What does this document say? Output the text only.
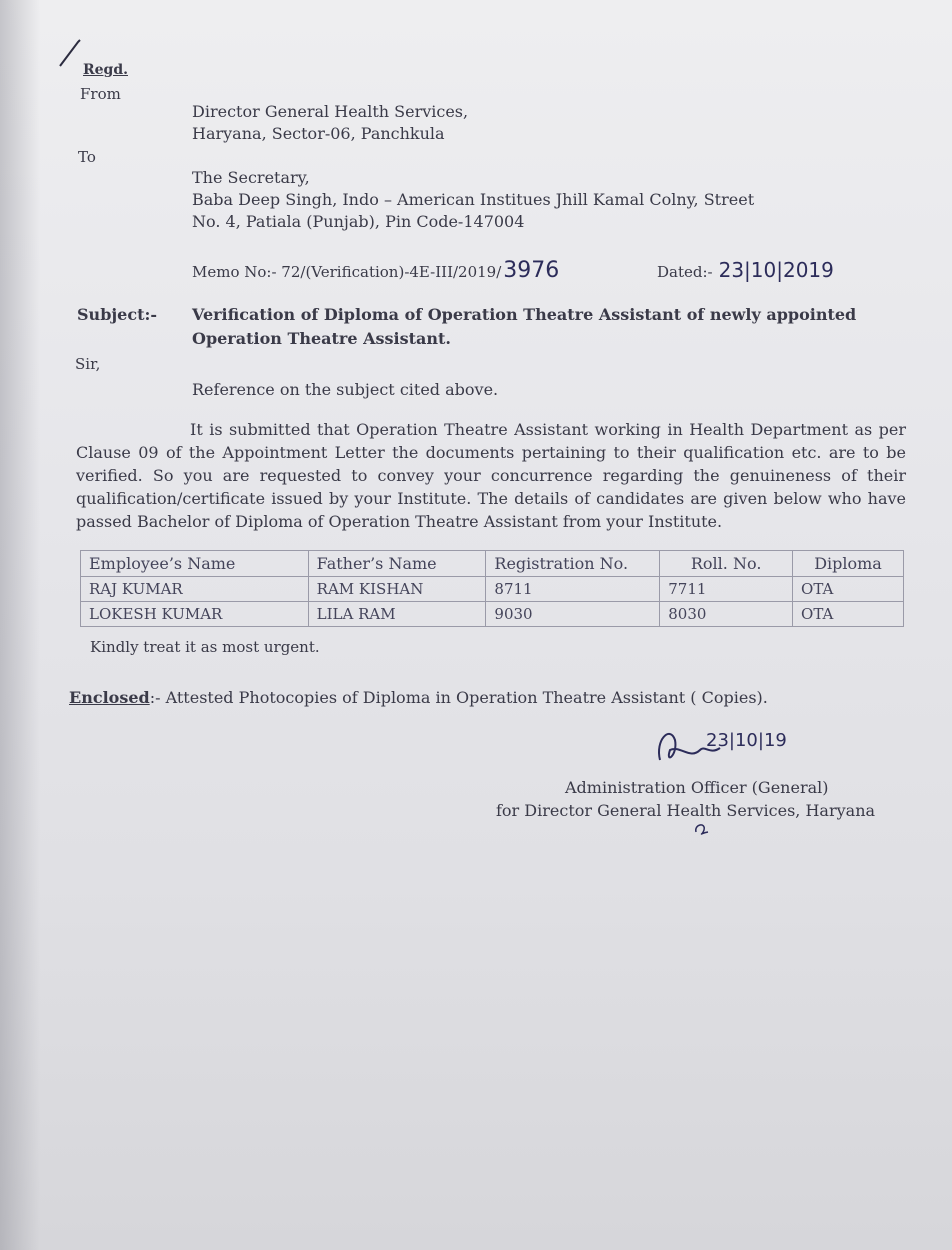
Regd.
From
Director General Health Services,
Haryana, Sector-06, Panchkula
To
The Secretary,
Baba Deep Singh, Indo – American Institues Jhill Kamal Colny, Street
No. 4, Patiala (Punjab), Pin Code-147004
Memo No:- 72/(Verification)-4E-III/2019/3976	Dated:- 23|10|2019
Subject:- Verification of Diploma of Operation Theatre Assistant of newly appointed Operation Theatre Assistant.
Sir,
Reference on the subject cited above.
It is submitted that Operation Theatre Assistant working in Health Department as per Clause 09 of the Appointment Letter the documents pertaining to their qualification etc. are to be verified. So you are requested to convey your concurrence regarding the genuineness of their qualification/certificate issued by your Institute. The details of candidates are given below who have passed Bachelor of Diploma of Operation Theatre Assistant from your Institute.
Employee’s Name	Father’s Name	Registration No.	Roll. No.	Diploma
RAJ KUMAR	RAM KISHAN	8711	7711	OTA
LOKESH KUMAR	LILA RAM	9030	8030	OTA
Kindly treat it as most urgent.
Enclosed:- Attested Photocopies of Diploma in Operation Theatre Assistant ( Copies).
23|10|19
Administration Officer (General)
for Director General Health Services, Haryana
